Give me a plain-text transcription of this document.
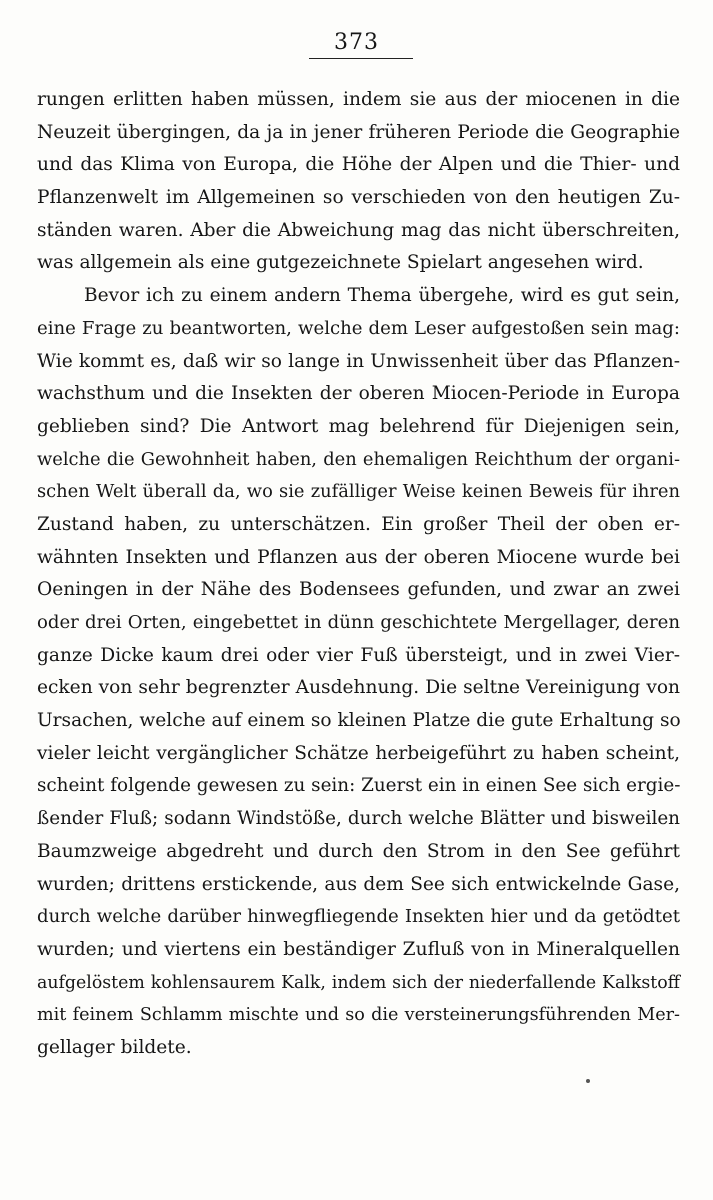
373
rungen erlitten haben müssen, indem sie aus der miocenen in die
Neuzeit übergingen, da ja in jener früheren Periode die Geographie
und das Klima von Europa, die Höhe der Alpen und die Thier- und
Pflanzenwelt im Allgemeinen so verschieden von den heutigen Zu-
ständen waren. Aber die Abweichung mag das nicht überschreiten,
was allgemein als eine gutgezeichnete Spielart angesehen wird.
Bevor ich zu einem andern Thema übergehe, wird es gut sein,
eine Frage zu beantworten, welche dem Leser aufgestoßen sein mag:
Wie kommt es, daß wir so lange in Unwissenheit über das Pflanzen-
wachsthum und die Insekten der oberen Miocen-Periode in Europa
geblieben sind? Die Antwort mag belehrend für Diejenigen sein,
welche die Gewohnheit haben, den ehemaligen Reichthum der organi-
schen Welt überall da, wo sie zufälliger Weise keinen Beweis für ihren
Zustand haben, zu unterschätzen. Ein großer Theil der oben er-
wähnten Insekten und Pflanzen aus der oberen Miocene wurde bei
Oeningen in der Nähe des Bodensees gefunden, und zwar an zwei
oder drei Orten, eingebettet in dünn geschichtete Mergellager, deren
ganze Dicke kaum drei oder vier Fuß übersteigt, und in zwei Vier-
ecken von sehr begrenzter Ausdehnung. Die seltne Vereinigung von
Ursachen, welche auf einem so kleinen Platze die gute Erhaltung so
vieler leicht vergänglicher Schätze herbeigeführt zu haben scheint,
scheint folgende gewesen zu sein: Zuerst ein in einen See sich ergie-
ßender Fluß; sodann Windstöße, durch welche Blätter und bisweilen
Baumzweige abgedreht und durch den Strom in den See geführt
wurden; drittens erstickende, aus dem See sich entwickelnde Gase,
durch welche darüber hinwegfliegende Insekten hier und da getödtet
wurden; und viertens ein beständiger Zufluß von in Mineralquellen
aufgelöstem kohlensaurem Kalk, indem sich der niederfallende Kalkstoff
mit feinem Schlamm mischte und so die versteinerungsführenden Mer-
gellager bildete.
